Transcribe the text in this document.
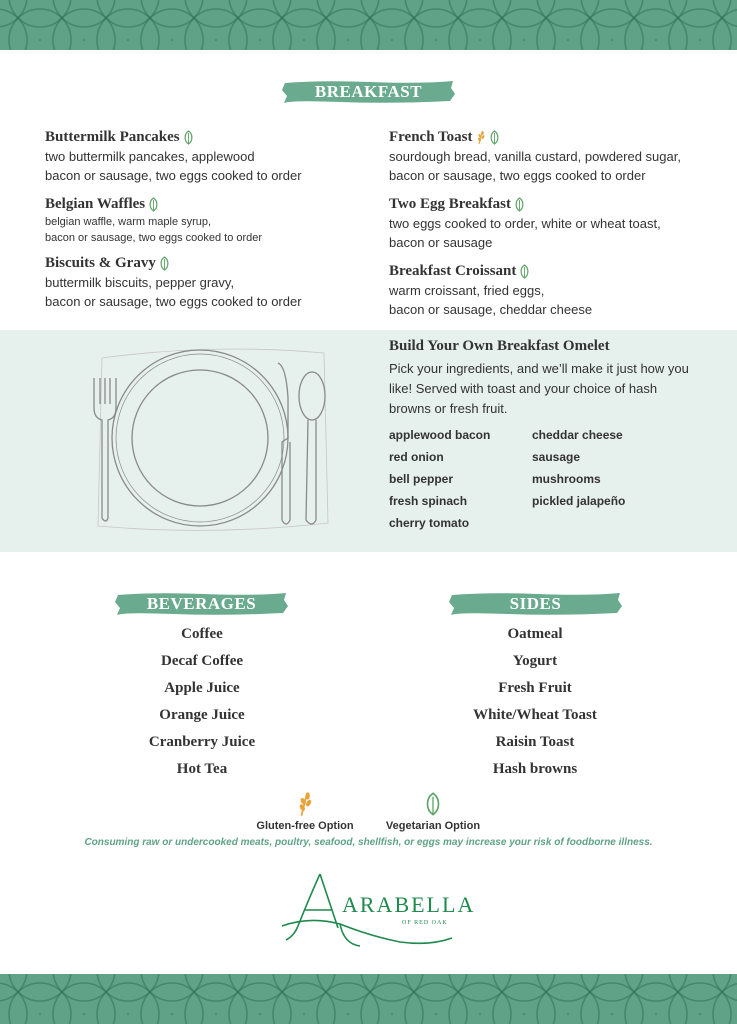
BREAKFAST
Buttermilk Pancakes
two buttermilk pancakes, applewood
bacon or sausage, two eggs cooked to order
Belgian Waffles
belgian waffle, warm maple syrup,
bacon or sausage, two eggs cooked to order
Biscuits & Gravy
buttermilk biscuits, pepper gravy,
bacon or sausage, two eggs cooked to order
French Toast
sourdough bread, vanilla custard, powdered sugar,
bacon or sausage, two eggs cooked to order
Two Egg Breakfast
two eggs cooked to order, white or wheat toast,
bacon or sausage
Breakfast Croissant
warm croissant, fried eggs,
bacon or sausage, cheddar cheese
Build Your Own Breakfast Omelet
Pick your ingredients, and we’ll make it just how you like! Served with toast and your choice of hash browns or fresh fruit.
applewood bacon
red onion
bell pepper
fresh spinach
cherry tomato
cheddar cheese
sausage
mushrooms
pickled jalapeño
BEVERAGES	SIDES
Coffee
Decaf Coffee
Apple Juice
Orange Juice
Cranberry Juice
Hot Tea
Oatmeal
Yogurt
Fresh Fruit
White/Wheat Toast
Raisin Toast
Hash browns
Gluten-free Option	Vegetarian Option
Consuming raw or undercooked meats, poultry, seafood, shellfish, or eggs may increase your risk of foodborne illness.
ARABELLA
OF RED OAK
